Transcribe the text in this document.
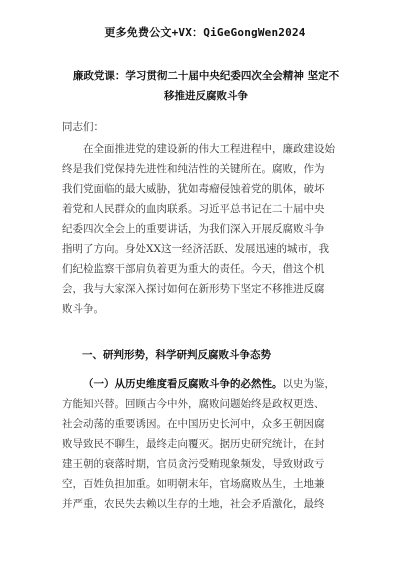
更多免费公文+VX：QiGeGongWen2024
廉政党课：学习贯彻二十届中央纪委四次全会精神 坚定不
移推进反腐败斗争
同志们：
在全面推进党的建设新的伟大工程进程中，廉政建设始
终是我们党保持先进性和纯洁性的关键所在。腐败，作为
我们党面临的最大威胁，犹如毒瘤侵蚀着党的肌体，破坏
着党和人民群众的血肉联系。习近平总书记在二十届中央
纪委四次全会上的重要讲话，为我们深入开展反腐败斗争
指明了方向。身处XX这一经济活跃、发展迅速的城市，我
们纪检监察干部肩负着更为重大的责任。今天，借这个机
会，我与大家深入探讨如何在新形势下坚定不移推进反腐
败斗争。
一、研判形势，科学研判反腐败斗争态势
（一）从历史维度看反腐败斗争的必然性。以史为鉴，
方能知兴替。回顾古今中外，腐败问题始终是政权更迭、
社会动荡的重要诱因。在中国历史长河中，众多王朝因腐
败导致民不聊生，最终走向覆灭。据历史研究统计，在封
建王朝的衰落时期，官员贪污受贿现象频发，导致财政亏
空，百姓负担加重。如明朝末年，官场腐败丛生，土地兼
并严重，农民失去赖以生存的土地，社会矛盾激化，最终
